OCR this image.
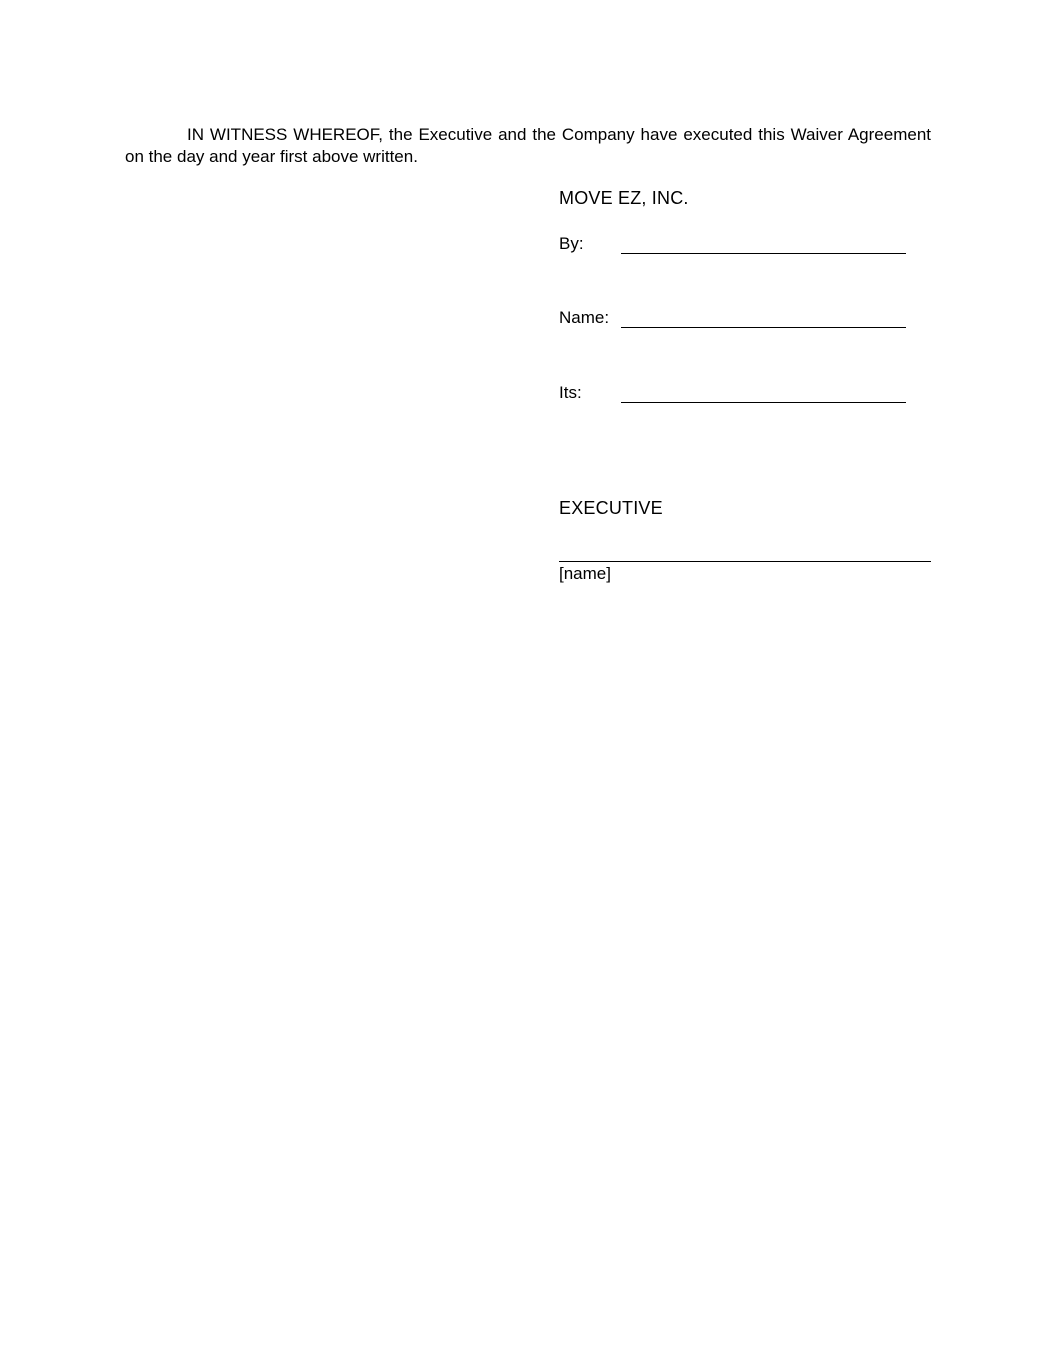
IN WITNESS WHEREOF, the Executive and the Company have executed this Waiver Agreement on the day and year first above written.

MOVE EZ, INC.
By:
Name:
Its:
EXECUTIVE
[name]
